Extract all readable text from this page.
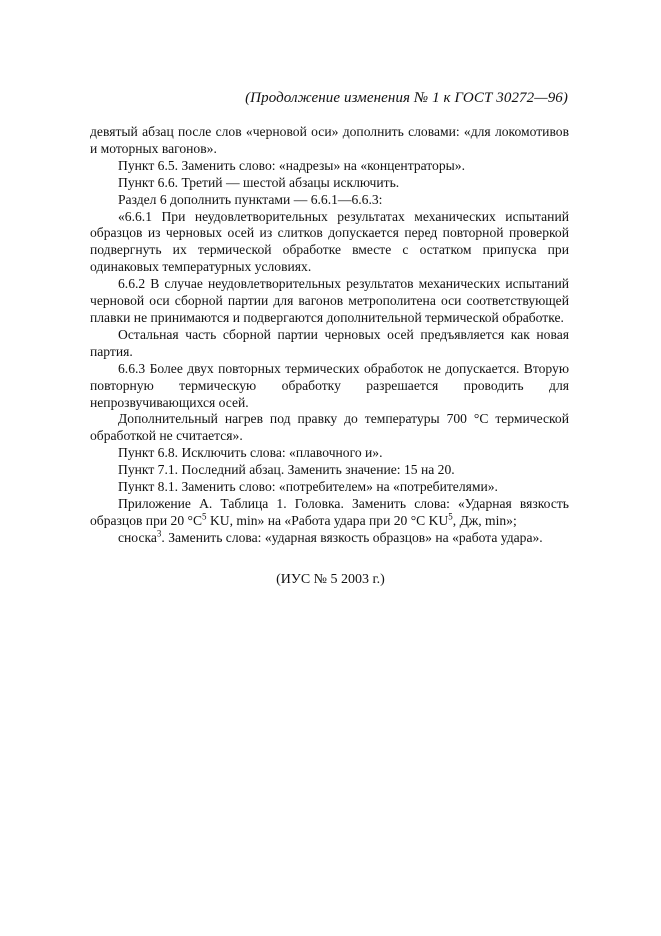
(Продолжение изменения № 1 к ГОСТ 30272—96)

девятый абзац после слов «черновой оси» дополнить словами: «для локомотивов и моторных вагонов».

Пункт 6.5. Заменить слово: «надрезы» на «концентраторы».

Пункт 6.6. Третий — шестой абзацы исключить.

Раздел 6 дополнить пунктами — 6.6.1—6.6.3:

«6.6.1 При неудовлетворительных результатах механических испытаний образцов из черновых осей из слитков допускается перед повторной проверкой подвергнуть их термической обработке вместе с остатком припуска при одинаковых температурных условиях.

6.6.2 В случае неудовлетворительных результатов механических испытаний черновой оси сборной партии для вагонов метрополитена оси соответствующей плавки не принимаются и подвергаются дополнительной термической обработке.

Остальная часть сборной партии черновых осей предъявляется как новая партия.

6.6.3 Более двух повторных термических обработок не допускается. Вторую повторную термическую обработку разрешается проводить для непрозвучивающихся осей.

Дополнительный нагрев под правку до температуры 700 °С термической обработкой не считается».

Пункт 6.8. Исключить слова: «плавочного и».

Пункт 7.1. Последний абзац. Заменить значение: 15 на 20.

Пункт 8.1. Заменить слово: «потребителем» на «потребителями».

Приложение А. Таблица 1. Головка. Заменить слова: «Ударная вязкость образцов при 20 $^\circ С^5$ KU, min» на «Работа удара при 20 °С $KU^5$, Дж, min»;

сноска$^3$. Заменить слова: «ударная вязкость образцов» на «работа удара».

(ИУС № 5 2003 г.)
